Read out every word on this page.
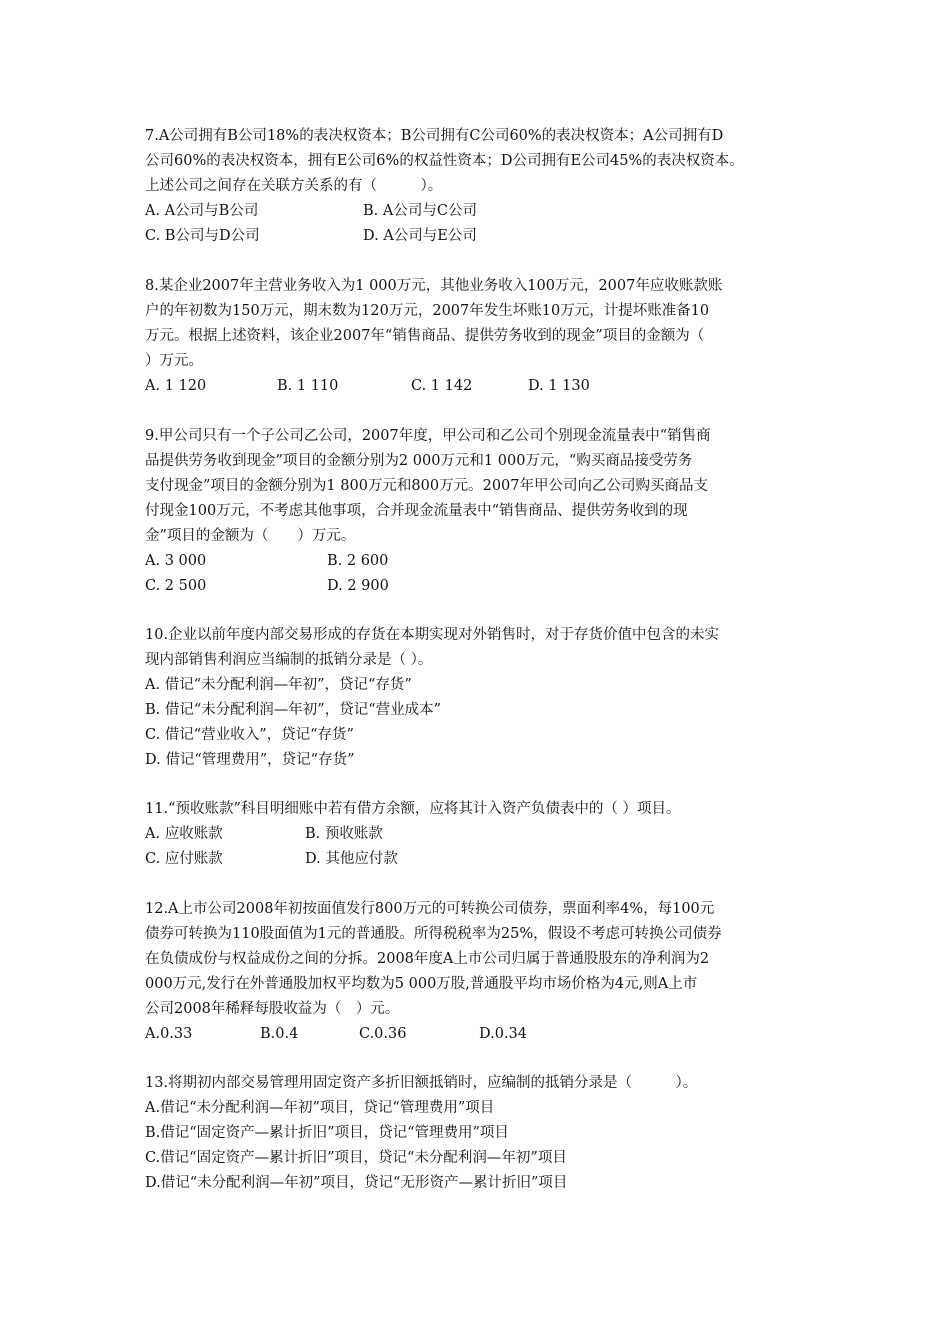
7.A公司拥有B公司18%的表决权资本；B公司拥有C公司60%的表决权资本；A公司拥有D
公司60%的表决权资本，拥有E公司6%的权益性资本；D公司拥有E公司45%的表决权资本。
上述公司之间存在关联方关系的有（　　　）。
A. A公司与B公司	B. A公司与C公司
C. B公司与D公司	D. A公司与E公司
8.某企业2007年主营业务收入为1 000万元，其他业务收入100万元，2007年应收账款账
户的年初数为150万元，期末数为120万元，2007年发生坏账10万元，计提坏账准备10
万元。根据上述资料，该企业2007年“销售商品、提供劳务收到的现金”项目的金额为（
）万元。
A. 1 120	B. 1 110	C. 1 142	D. 1 130
9.甲公司只有一个子公司乙公司，2007年度，甲公司和乙公司个别现金流量表中“销售商
品提供劳务收到现金”项目的金额分别为2 000万元和1 000万元，“购买商品接受劳务
支付现金”项目的金额分别为1 800万元和800万元。2007年甲公司向乙公司购买商品支
付现金100万元，不考虑其他事项，合并现金流量表中“销售商品、提供劳务收到的现
金”项目的金额为（　　）万元。
A. 3 000	B. 2 600
C. 2 500	D. 2 900
10.企业以前年度内部交易形成的存货在本期实现对外销售时，对于存货价值中包含的未实
现内部销售利润应当编制的抵销分录是（ ）。
A. 借记“未分配利润—年初”，贷记“存货”
B. 借记“未分配利润—年初”，贷记“营业成本”
C. 借记“营业收入”，贷记“存货”
D. 借记“管理费用”，贷记“存货”
11.“预收账款”科目明细账中若有借方余额，应将其计入资产负债表中的（ ）项目。
A. 应收账款	B. 预收账款
C. 应付账款	D. 其他应付款
12.A上市公司2008年初按面值发行800万元的可转换公司债券，票面利率4%，每100元
债券可转换为110股面值为1元的普通股。所得税税率为25%，假设不考虑可转换公司债券
在负债成份与权益成份之间的分拆。2008年度A上市公司归属于普通股股东的净利润为2
000万元,发行在外普通股加权平均数为5 000万股,普通股平均市场价格为4元,则A上市
公司2008年稀释每股收益为（　）元。
A.0.33	B.0.4	C.0.36	D.0.34
13.将期初内部交易管理用固定资产多折旧额抵销时，应编制的抵销分录是（　　　）。
A.借记“未分配利润—年初”项目，贷记“管理费用”项目
B.借记“固定资产—累计折旧”项目，贷记“管理费用”项目
C.借记“固定资产—累计折旧”项目，贷记“未分配利润—年初”项目
D.借记“未分配利润—年初”项目，贷记“无形资产—累计折旧”项目
